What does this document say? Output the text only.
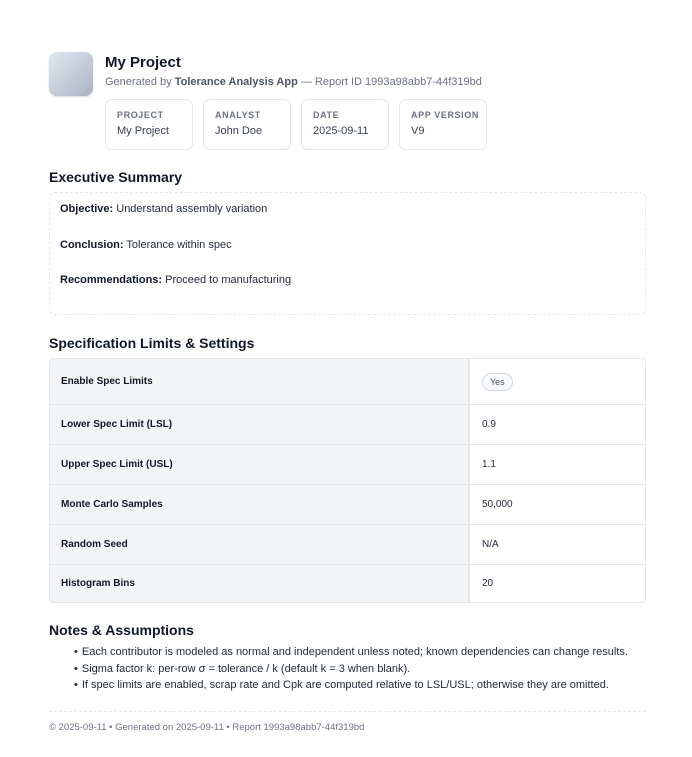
My Project
Generated by Tolerance Analysis App — Report ID 1993a98abb7-44f319bd
PROJECT
My Project
ANALYST
John Doe
DATE
2025-09-11
APP VERSION
V9
Executive Summary
Objective: Understand assembly variation
Conclusion: Tolerance within spec
Recommendations: Proceed to manufacturing
Specification Limits & Settings
Enable Spec Limits	Yes
Lower Spec Limit (LSL)	0.9
Upper Spec Limit (USL)	1.1
Monte Carlo Samples	50,000
Random Seed	N/A
Histogram Bins	20
Notes & Assumptions
• Each contributor is modeled as normal and independent unless noted; known dependencies can change results.
• Sigma factor k: per-row σ = tolerance / k (default k = 3 when blank).
• If spec limits are enabled, scrap rate and Cpk are computed relative to LSL/USL; otherwise they are omitted.
© 2025-09-11 • Generated on 2025-09-11 • Report 1993a98abb7-44f319bd
